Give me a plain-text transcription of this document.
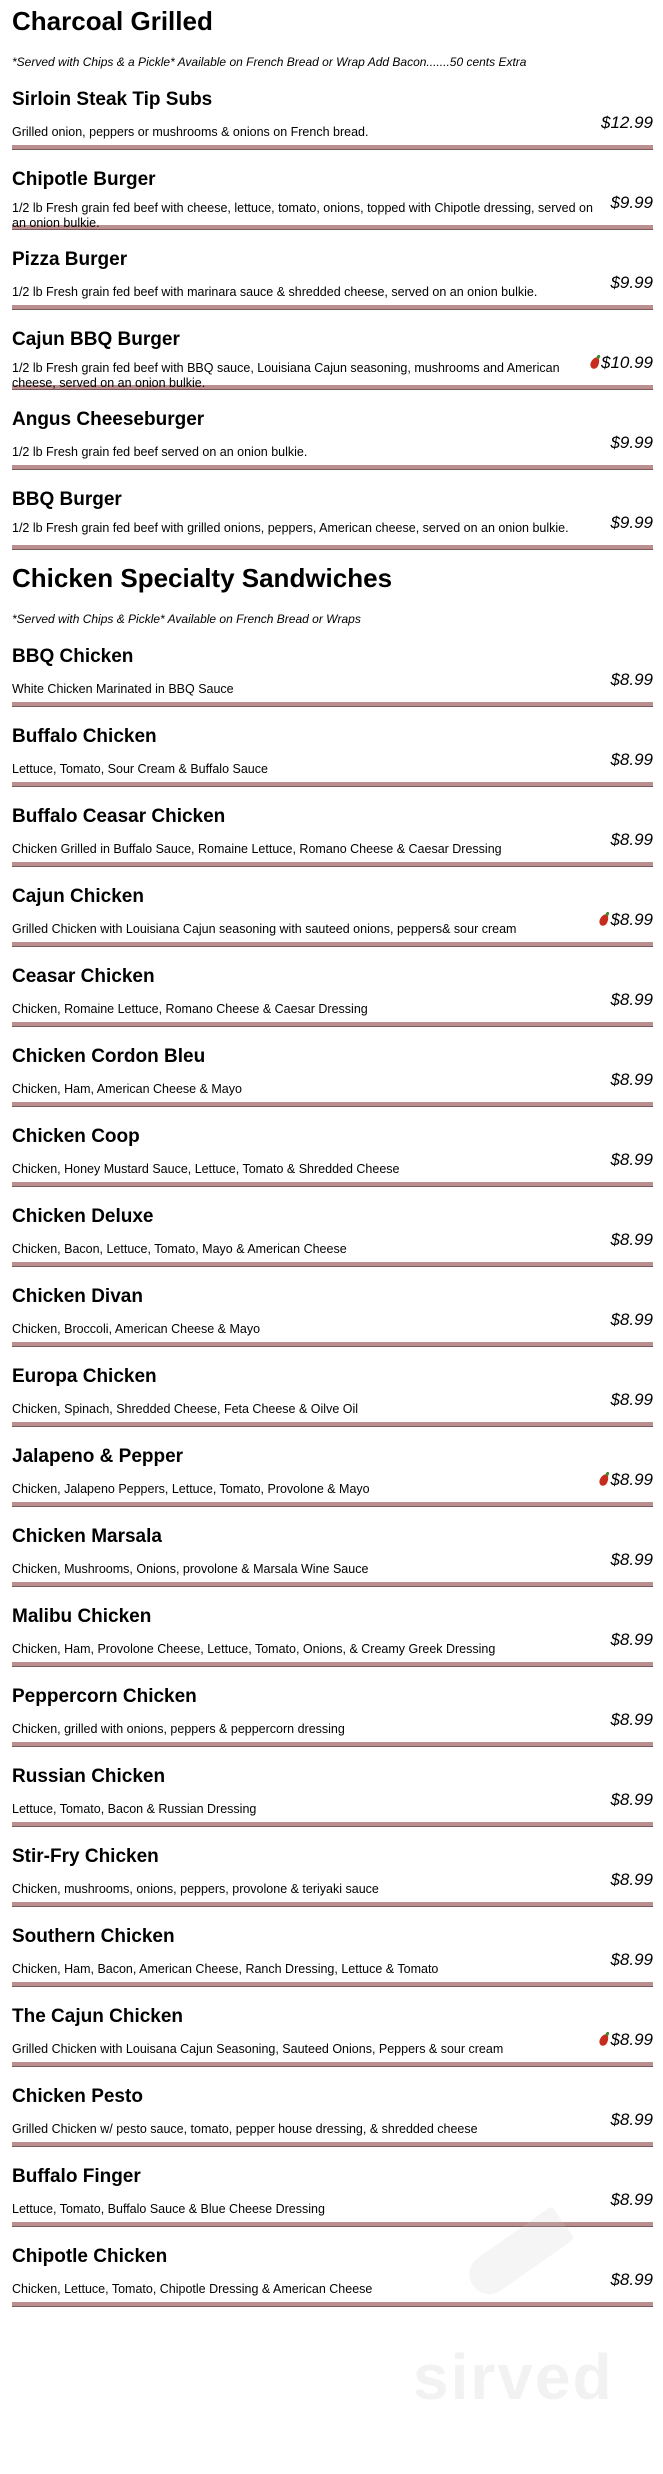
Charcoal Grilled

*Served with Chips & a Pickle* Available on French Bread or Wrap Add Bacon.......50 cents Extra

Sirloin Steak Tip Subs
Grilled onion, peppers or mushrooms & onions on French bread.	$12.99
Chipotle Burger
1/2 lb Fresh grain fed beef with cheese, lettuce, tomato, onions, topped with Chipotle dressing, served on an onion bulkie.
$9.99
Pizza Burger
1/2 lb Fresh grain fed beef with marinara sauce & shredded cheese, served on an onion bulkie.	$9.99
Cajun BBQ Burger
1/2 lb Fresh grain fed beef with BBQ sauce, Louisiana Cajun seasoning, mushrooms and American cheese, served on an onion bulkie.
$10.99
Angus Cheeseburger
1/2 lb Fresh grain fed beef served on an onion bulkie.	$9.99
BBQ Burger
1/2 lb Fresh grain fed beef with grilled onions, peppers, American cheese, served on an onion bulkie.	$9.99
Chicken Specialty Sandwiches

*Served with Chips & Pickle* Available on French Bread or Wraps

BBQ Chicken
White Chicken Marinated in BBQ Sauce	$8.99
Buffalo Chicken
Lettuce, Tomato, Sour Cream & Buffalo Sauce	$8.99
Buffalo Ceasar Chicken
Chicken Grilled in Buffalo Sauce, Romaine Lettuce, Romano Cheese & Caesar Dressing	$8.99
Cajun Chicken
Grilled Chicken with Louisiana Cajun seasoning with sauteed onions, peppers& sour cream	$8.99
Ceasar Chicken
Chicken, Romaine Lettuce, Romano Cheese & Caesar Dressing	$8.99
Chicken Cordon Bleu
Chicken, Ham, American Cheese & Mayo	$8.99
Chicken Coop
Chicken, Honey Mustard Sauce, Lettuce, Tomato & Shredded Cheese	$8.99
Chicken Deluxe
Chicken, Bacon, Lettuce, Tomato, Mayo & American Cheese	$8.99
Chicken Divan
Chicken, Broccoli, American Cheese & Mayo	$8.99
Europa Chicken
Chicken, Spinach, Shredded Cheese, Feta Cheese & Oilve Oil	$8.99
Jalapeno & Pepper
Chicken, Jalapeno Peppers, Lettuce, Tomato, Provolone & Mayo	$8.99
Chicken Marsala
Chicken, Mushrooms, Onions, provolone & Marsala Wine Sauce	$8.99
Malibu Chicken
Chicken, Ham, Provolone Cheese, Lettuce, Tomato, Onions, & Creamy Greek Dressing	$8.99
Peppercorn Chicken
Chicken, grilled with onions, peppers & peppercorn dressing	$8.99
Russian Chicken
Lettuce, Tomato, Bacon & Russian Dressing	$8.99
Stir-Fry Chicken
Chicken, mushrooms, onions, peppers, provolone & teriyaki sauce	$8.99
Southern Chicken
Chicken, Ham, Bacon, American Cheese, Ranch Dressing, Lettuce & Tomato	$8.99
The Cajun Chicken
Grilled Chicken with Louisana Cajun Seasoning, Sauteed Onions, Peppers & sour cream	$8.99
Chicken Pesto
Grilled Chicken w/ pesto sauce, tomato, pepper house dressing, & shredded cheese	$8.99
Buffalo Finger
Lettuce, Tomato, Buffalo Sauce & Blue Cheese Dressing	$8.99
Chipotle Chicken
Chicken, Lettuce, Tomato, Chipotle Dressing & American Cheese	$8.99
sirved
